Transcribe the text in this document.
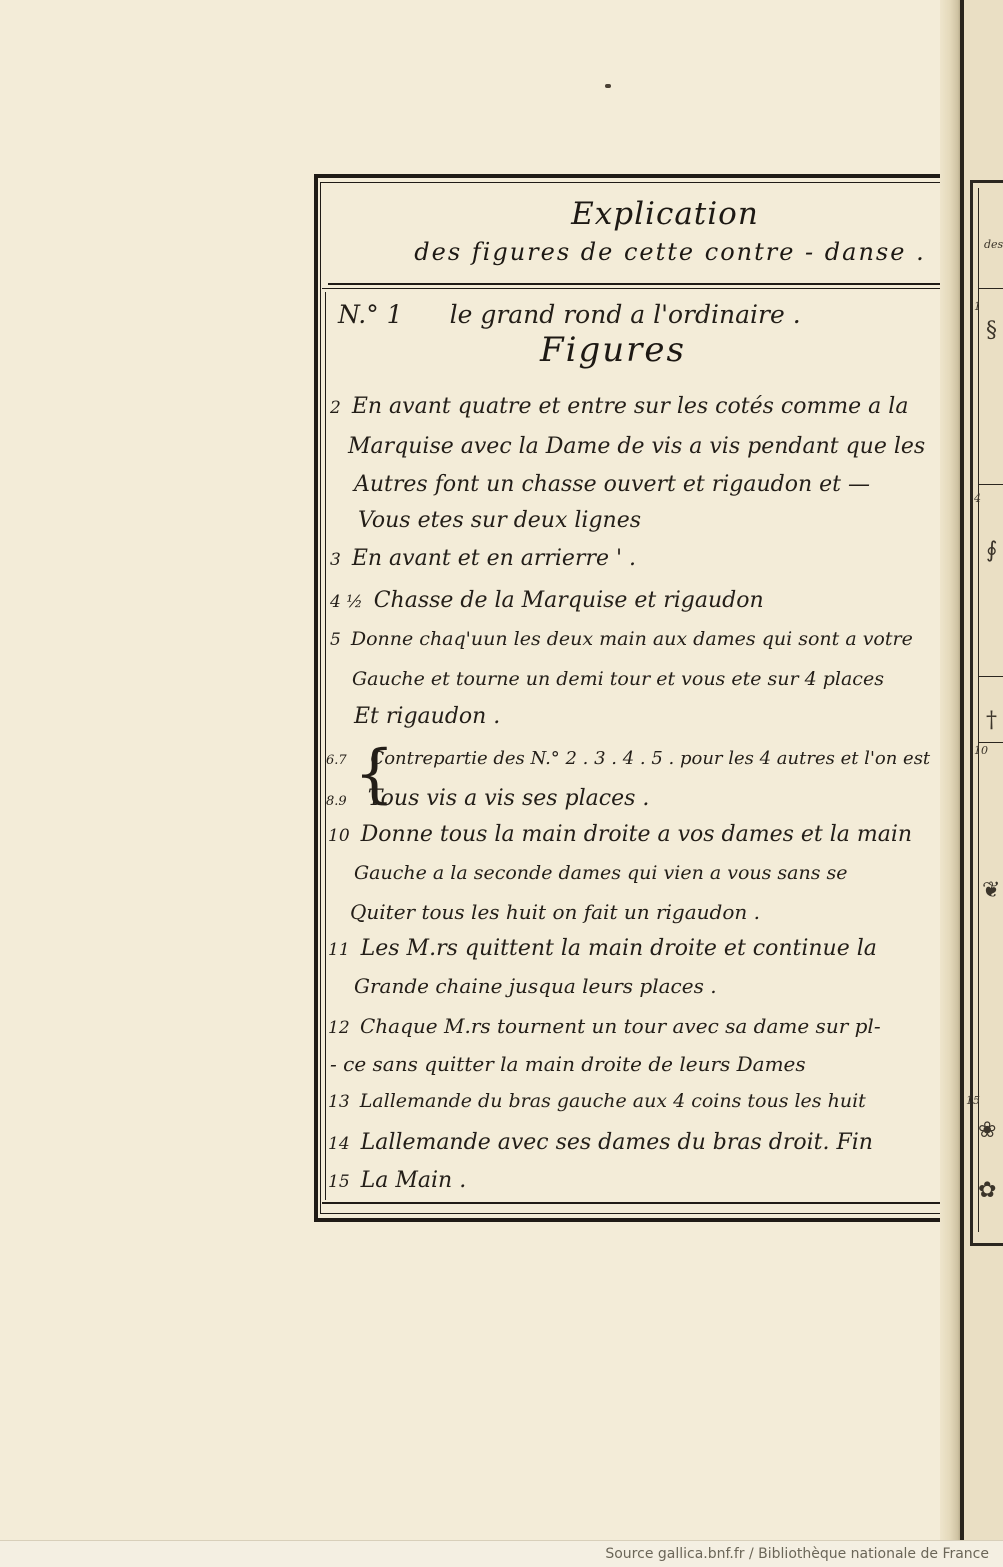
Explication
des figures de cette contre - danse .
N.° 1 le grand rond a l'ordinaire .
Figures
2 En avant quatre et entre sur les cotés comme a la
Marquise avec la Dame de vis a vis pendant que les
Autres font un chasse ouvert et rigaudon et —
Vous etes sur deux lignes
3 En avant et en arrierre ' .
4 ½ Chasse de la Marquise et rigaudon
5 Donne chaq'uun les deux main aux dames qui sont a votre
Gauche et tourne un demi tour et vous ete sur 4 places
Et rigaudon .
{
6.7 Contrepartie des N.° 2 . 3 . 4 . 5 . pour les 4 autres et l'on est
8.9 Tous vis a vis ses places .
10 Donne tous la main droite a vos dames et la main
Gauche a la seconde dames qui vien a vous sans se
Quiter tous les huit on fait un rigaudon .
11 Les M.rs quittent la main droite et continue la
Grande chaine jusqua leurs places .
12 Chaque M.rs tournent un tour avec sa dame sur pl-
- ce sans quitter la main droite de leurs Dames
13 Lallemande du bras gauche aux 4 coins tous les huit
14 Lallemande avec ses dames du bras droit. Fin
15 La Main .
des
1
§
4
∮
†
10
❦
15
❀
✿
Source gallica.bnf.fr / Bibliothèque nationale de France
